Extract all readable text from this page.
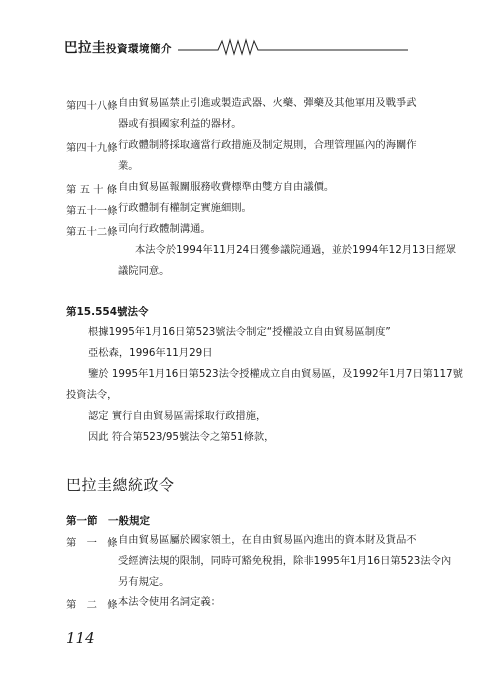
巴拉圭投資環境簡介
第四十八條 自由貿易區禁止引進或製造武器、火藥、彈藥及其他軍用及戰爭武
器或有損國家利益的器材。
第四十九條 行政體制將採取適當行政措施及制定規則，合理管理區內的海關作
業。
第 五 十 條 自由貿易區報關服務收費標準由雙方自由議價。
第五十一條 行政體制有權制定實施細則。
第五十二條 司向行政體制溝通。
本法令於1994年11月24日獲參議院通過，並於1994年12月13日經眾
議院同意。
第15.554號法令
根據1995年1月16日第523號法令制定“授權設立自由貿易區制度”
亞松森，1996年11月29日
鑒於 1995年1月16日第523法令授權成立自由貿易區，及1992年1月7日第117號
投資法令，
認定 實行自由貿易區需採取行政措施，
因此 符合第523/95號法令之第51條款，
巴拉圭總統政令
第一節　一般規定
第　一　條 自由貿易區屬於國家領土，在自由貿易區內進出的資本財及貨品不
受經濟法規的限制，同時可豁免稅捐，除非1995年1月16日第523法令內
另有規定。
第　二　條 本法令使用名詞定義：
114
